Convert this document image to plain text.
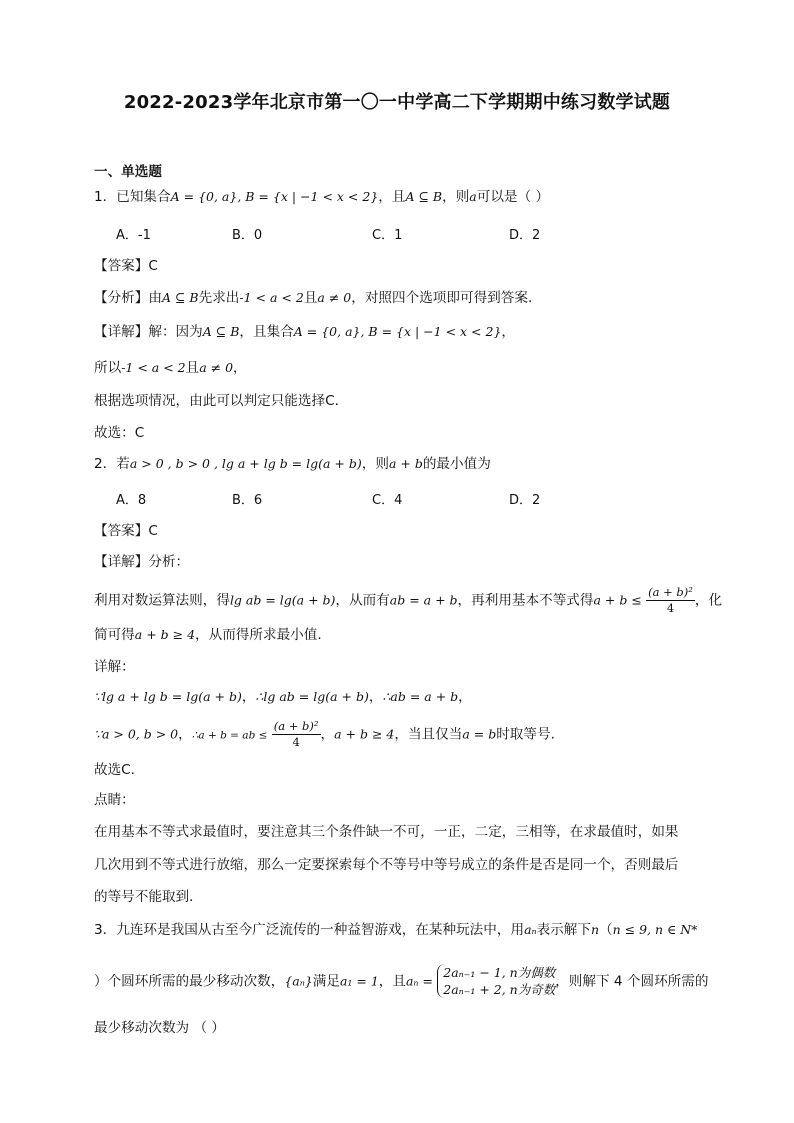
2022-2023学年北京市第一〇一中学高二下学期期中练习数学试题
一、单选题
1．已知集合A = {0, a}, B = {x | −1 < x < 2}，且A ⊆ B，则a可以是（ ）
A．-1	B．0	C．1	D．2
【答案】C
【分析】由A ⊆ B先求出-1 < a < 2且a ≠ 0，对照四个选项即可得到答案.
【详解】解：因为A ⊆ B，且集合A = {0, a}, B = {x | −1 < x < 2}，
所以-1 < a < 2且a ≠ 0，
根据选项情况，由此可以判定只能选择C．
故选：C
2．若a > 0 , b > 0 , lg a + lg b = lg(a + b)，则a + b的最小值为
A．8	B．6	C．4	D．2
【答案】C
【详解】分析：
利用对数运算法则，得lg ab = lg(a + b)，从而有ab = a + b，再利用基本不等式得$a + b \le \frac{\text{(a + b)²}}{4}$ ，化
简可得a + b ≥ 4，从而得所求最小值.
详解：
∵lg a + lg b = lg(a + b)，∴lg ab = lg(a + b)，∴ab = a + b，
∵a > 0, b > 0，∴a + b = ab ≤ $\frac{\text{(a + b)²}}{4}$ ，a + b ≥ 4，当且仅当a = b时取等号.
故选C．
点睛：
在用基本不等式求最值时，要注意其三个条件缺一不可，一正，二定，三相等，在求最值时，如果
几次用到不等式进行放缩，那么一定要探索每个不等号中等号成立的条件是否是同一个，否则最后
的等号不能取到．
3．九连环是我国从古至今广泛流传的一种益智游戏，在某种玩法中，用aₙ表示解下n（n ≤ 9, n ∈ N*
）个圆环所需的最少移动次数，{aₙ}满足a₁ = 1，且aₙ =
2aₙ₋₁ − 1, n为偶数
2aₙ₋₁ + 2, n为奇数 ，则解下 4 个圆环所需的
最少移动次数为 （ ）
